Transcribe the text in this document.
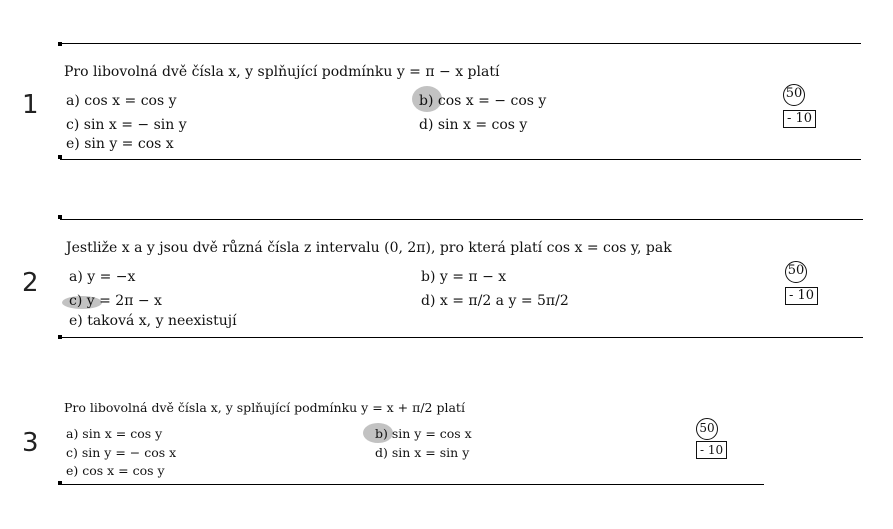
1
Pro libovolná dvě čísla x, y splňující podmínku y = π − x platí
a) cos x = cos y	b) cos x = − cos y
c) sin x = − sin y	d) sin x = cos y
e) sin y = cos x
50
- 10
2
Jestliže x a y jsou dvě různá čísla z intervalu (0, 2π), pro která platí cos x = cos y, pak
a) y = −x	b) y = π − x
c) y = 2π − x	d) x = π/2 a y = 5π/2
e) taková x, y neexistují
50
- 10
3
Pro libovolná dvě čísla x, y splňující podmínku y = x + π/2 platí
a) sin x = cos y	b) sin y = cos x
c) sin y = − cos x	d) sin x = sin y
e) cos x = cos y
50
- 10
